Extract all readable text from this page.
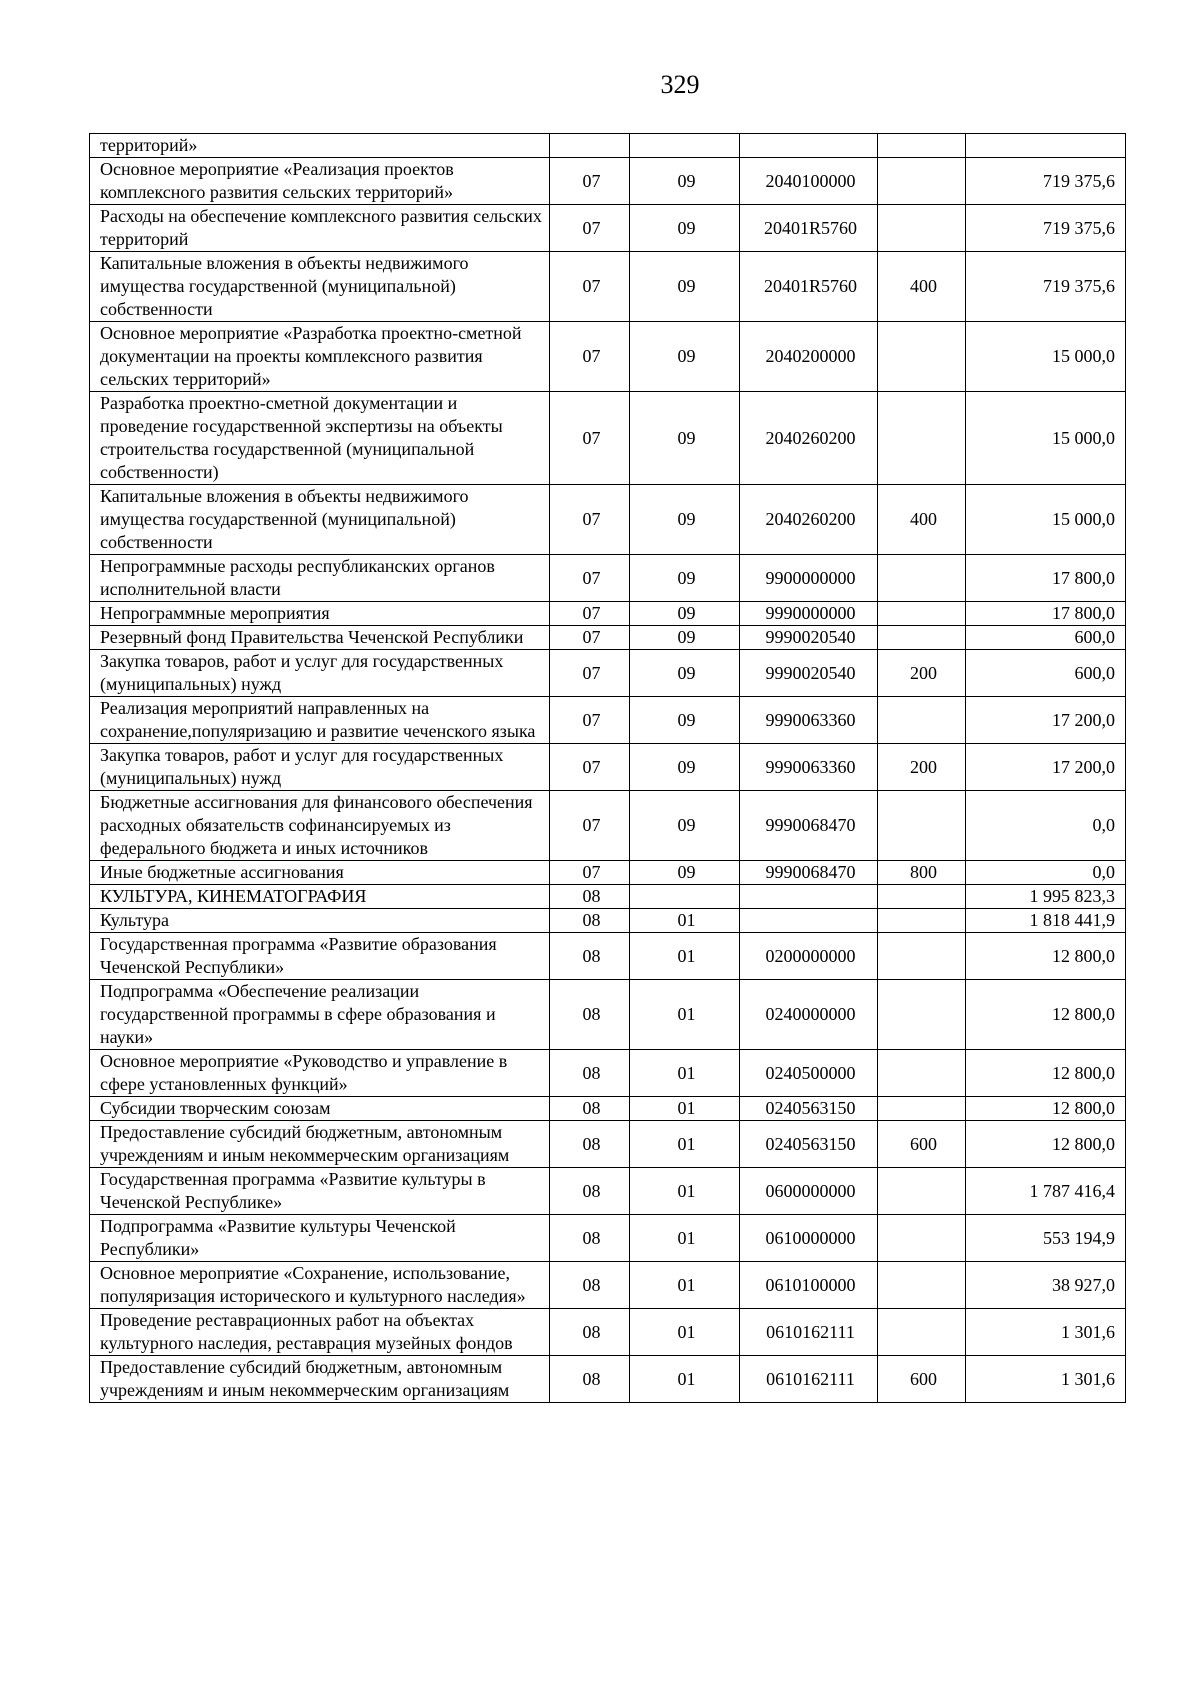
329
территорий»					
Основное мероприятие «Реализация проектов комплексного развития сельских территорий»	07	09	2040100000		719 375,6
Расходы на обеспечение комплексного развития сельских территорий	07	09	20401R5760		719 375,6
Капитальные вложения в объекты недвижимого имущества государственной (муниципальной) собственности	07	09	20401R5760	400	719 375,6
Основное мероприятие «Разработка проектно-сметной документации на проекты комплексного развития сельских территорий»	07	09	2040200000		15 000,0
Разработка проектно-сметной документации и проведение государственной экспертизы на объекты строительства государственной (муниципальной собственности)	07	09	2040260200		15 000,0
Капитальные вложения в объекты недвижимого имущества государственной (муниципальной) собственности	07	09	2040260200	400	15 000,0
Непрограммные расходы республиканских органов исполнительной власти	07	09	9900000000		17 800,0
Непрограммные мероприятия	07	09	9990000000		17 800,0
Резервный фонд Правительства Чеченской Республики	07	09	9990020540		600,0
Закупка товаров, работ и услуг для государственных (муниципальных) нужд	07	09	9990020540	200	600,0
Реализация мероприятий направленных на сохранение,популяризацию и развитие чеченского языка	07	09	9990063360		17 200,0
Закупка товаров, работ и услуг для государственных (муниципальных) нужд	07	09	9990063360	200	17 200,0
Бюджетные ассигнования для финансового обеспечения расходных обязательств софинансируемых из федерального бюджета и иных источников	07	09	9990068470		0,0
Иные бюджетные ассигнования	07	09	9990068470	800	0,0
КУЛЬТУРА, КИНЕМАТОГРАФИЯ	08				1 995 823,3
Культура	08	01			1 818 441,9
Государственная программа «Развитие образования Чеченской Республики»	08	01	0200000000		12 800,0
Подпрограмма «Обеспечение реализации государственной программы в сфере образования и науки»	08	01	0240000000		12 800,0
Основное мероприятие «Руководство и управление в сфере установленных функций»	08	01	0240500000		12 800,0
Субсидии творческим союзам	08	01	0240563150		12 800,0
Предоставление субсидий бюджетным, автономным учреждениям и иным некоммерческим организациям	08	01	0240563150	600	12 800,0
Государственная программа «Развитие культуры в Чеченской Республике»	08	01	0600000000		1 787 416,4
Подпрограмма «Развитие культуры Чеченской Республики»	08	01	0610000000		553 194,9
Основное мероприятие «Сохранение, использование, популяризация исторического и культурного наследия»	08	01	0610100000		38 927,0
Проведение реставрационных работ на объектах культурного наследия, реставрация музейных фондов	08	01	0610162111		1 301,6
Предоставление субсидий бюджетным, автономным учреждениям и иным некоммерческим организациям	08	01	0610162111	600	1 301,6
